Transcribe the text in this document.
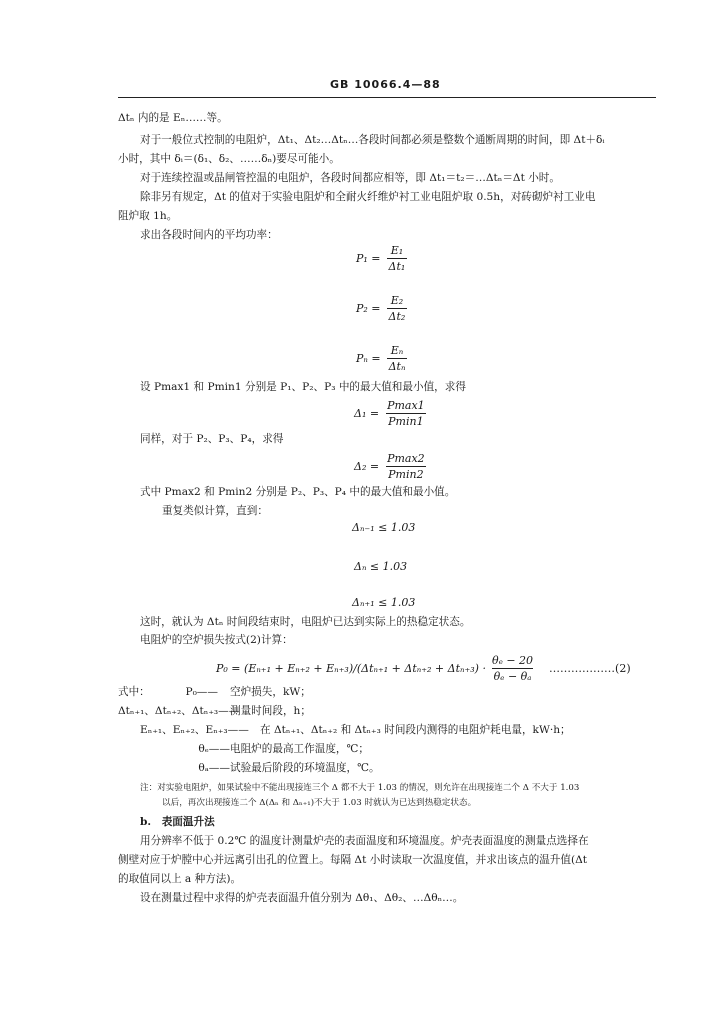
GB 10066.4—88
Δtₙ 内的是 Eₙ……等。
对于一般位式控制的电阻炉，Δt₁、Δt₂…Δtₙ…各段时间都必须是整数个通断周期的时间，即 Δt＋δᵢ
小时，其中 δᵢ＝(δ₁、δ₂、……δₙ)要尽可能小。
对于连续控温或晶闸管控温的电阻炉，各段时间都应相等，即 Δt₁＝t₂＝…Δtₙ＝Δt 小时。
除非另有规定，Δt 的值对于实验电阻炉和全耐火纤维炉衬工业电阻炉取 0.5h，对砖砌炉衬工业电
阻炉取 1h。
求出各段时间内的平均功率：
$P_1 = \frac{\text{E₁}}{\text{Δt₁}}$
$P_2 = \frac{\text{E₂}}{\text{Δt₂}}$
$P_n = \frac{\text{Eₙ}}{\text{Δtₙ}}$
设 Pmax1 和 Pmin1 分别是 P₁、P₂、P₃ 中的最大值和最小值，求得
$\Delta_1 = \frac{Pmax1}{Pmin1}$
同样，对于 P₂、P₃、P₄，求得
$\Delta_2 = \frac{Pmax2}{Pmin2}$
式中 Pmax2 和 Pmin2 分别是 P₂、P₃、P₄ 中的最大值和最小值。
重复类似计算，直到：
Δₙ₋₁ ≤ 1.03
Δₙ ≤ 1.03
Δₙ₊₁ ≤ 1.03
这时，就认为 Δtₙ 时间段结束时，电阻炉已达到实际上的热稳定状态。
电阻炉的空炉损失按式(2)计算：
$P_0 = (E_{n+1} + E_{n+2} + E_{n+3})/(\Delta t_{n+1} + \Delta t_{n+2} + \Delta t_{n+3}) \cdot \frac{\text{θₑ − 20}}{\text{θₑ − θₐ}}$ ………………(2)
式中：	P₀—— 空炉损失，kW；
Δtₙ₊₁、Δtₙ₊₂、Δtₙ₊₃——
测量时间段，h；
Eₙ₊₁、Eₙ₊₂、Eₙ₊₃——	在 Δtₙ₊₁、Δtₙ₊₂ 和 Δtₙ₊₃ 时间段内测得的电阻炉耗电量，kW·h；
θₑ—— 电阻炉的最高工作温度，℃；
θₐ—— 试验最后阶段的环境温度，℃。
注：对实验电阻炉，如果试验中不能出现接连三个 Δ 都不大于 1.03 的情况，则允许在出现接连二个 Δ 不大于 1.03
以后，再次出现接连二个 Δ(Δₙ 和 Δₙ₊₁)不大于 1.03 时就认为已达到热稳定状态。
b.　表面温升法
用分辨率不低于 0.2℃ 的温度计测量炉壳的表面温度和环境温度。炉壳表面温度的测量点选择在
侧壁对应于炉膛中心并远离引出孔的位置上。每隔 Δt 小时读取一次温度值，并求出该点的温升值(Δt
的取值同以上 a 种方法)。
设在测量过程中求得的炉壳表面温升值分别为 Δθ₁、Δθ₂、…Δθₙ…。
